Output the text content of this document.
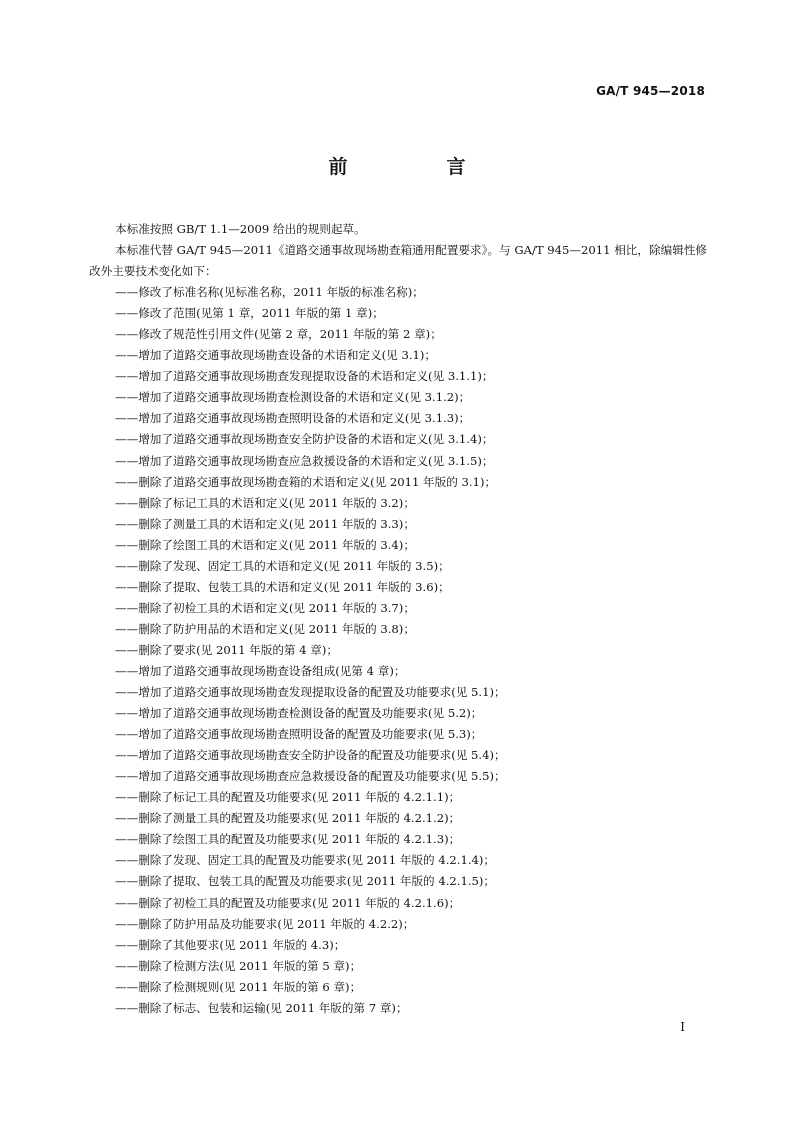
GA/T 945—2018
前　言

本标准按照 GB/T 1.1—2009 给出的规则起草。

本标准代替 GA/T 945—2011《道路交通事故现场勘查箱通用配置要求》。与 GA/T 945—2011 相比，除编辑性修改外主要技术变化如下：

——修改了标准名称(见标准名称，2011 年版的标准名称)；
——修改了范围(见第 1 章，2011 年版的第 1 章)；
——修改了规范性引用文件(见第 2 章，2011 年版的第 2 章)；
——增加了道路交通事故现场勘查设备的术语和定义(见 3.1)；
——增加了道路交通事故现场勘查发现提取设备的术语和定义(见 3.1.1)；
——增加了道路交通事故现场勘查检测设备的术语和定义(见 3.1.2)；
——增加了道路交通事故现场勘查照明设备的术语和定义(见 3.1.3)；
——增加了道路交通事故现场勘查安全防护设备的术语和定义(见 3.1.4)；
——增加了道路交通事故现场勘查应急救援设备的术语和定义(见 3.1.5)；
——删除了道路交通事故现场勘查箱的术语和定义(见 2011 年版的 3.1)；
——删除了标记工具的术语和定义(见 2011 年版的 3.2)；
——删除了测量工具的术语和定义(见 2011 年版的 3.3)；
——删除了绘图工具的术语和定义(见 2011 年版的 3.4)；
——删除了发现、固定工具的术语和定义(见 2011 年版的 3.5)；
——删除了提取、包装工具的术语和定义(见 2011 年版的 3.6)；
——删除了初检工具的术语和定义(见 2011 年版的 3.7)；
——删除了防护用品的术语和定义(见 2011 年版的 3.8)；
——删除了要求(见 2011 年版的第 4 章)；
——增加了道路交通事故现场勘查设备组成(见第 4 章)；
——增加了道路交通事故现场勘查发现提取设备的配置及功能要求(见 5.1)；
——增加了道路交通事故现场勘查检测设备的配置及功能要求(见 5.2)；
——增加了道路交通事故现场勘查照明设备的配置及功能要求(见 5.3)；
——增加了道路交通事故现场勘查安全防护设备的配置及功能要求(见 5.4)；
——增加了道路交通事故现场勘查应急救援设备的配置及功能要求(见 5.5)；
——删除了标记工具的配置及功能要求(见 2011 年版的 4.2.1.1)；
——删除了测量工具的配置及功能要求(见 2011 年版的 4.2.1.2)；
——删除了绘图工具的配置及功能要求(见 2011 年版的 4.2.1.3)；
——删除了发现、固定工具的配置及功能要求(见 2011 年版的 4.2.1.4)；
——删除了提取、包装工具的配置及功能要求(见 2011 年版的 4.2.1.5)；
——删除了初检工具的配置及功能要求(见 2011 年版的 4.2.1.6)；
——删除了防护用品及功能要求(见 2011 年版的 4.2.2)；
——删除了其他要求(见 2011 年版的 4.3)；
——删除了检测方法(见 2011 年版的第 5 章)；
——删除了检测规则(见 2011 年版的第 6 章)；
——删除了标志、包装和运输(见 2011 年版的第 7 章)；
I
